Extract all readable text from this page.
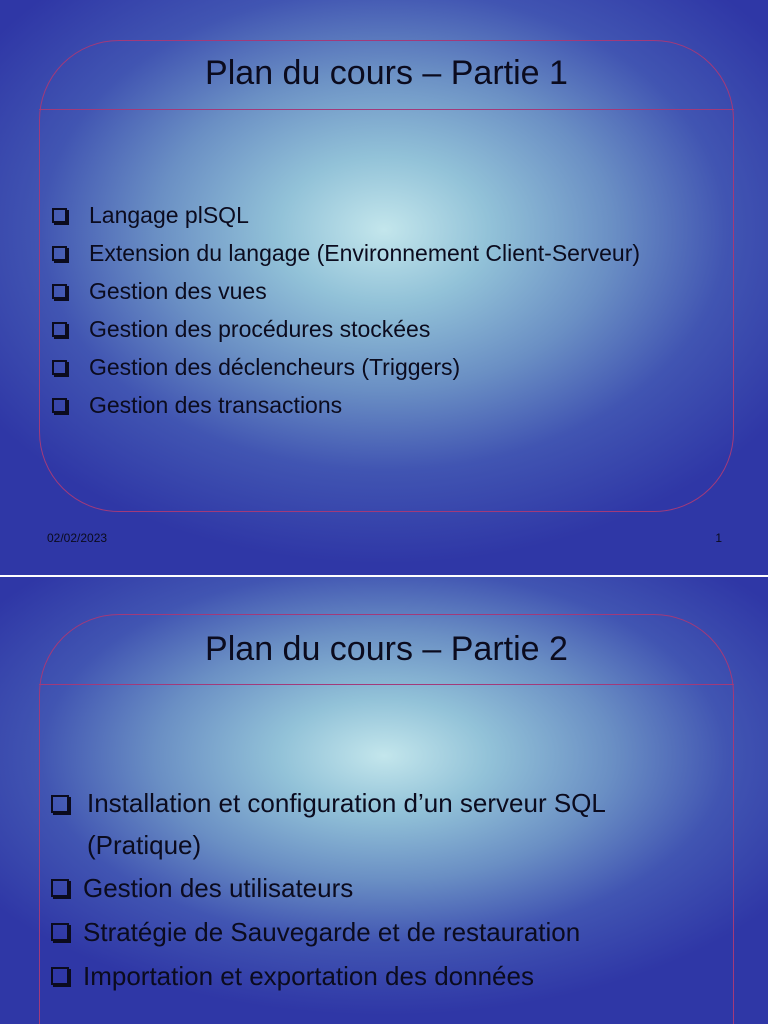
Plan du cours – Partie 1
Langage plSQL
Extension du langage (Environnement Client-Serveur)
Gestion des vues
Gestion des procédures stockées
Gestion des déclencheurs (Triggers)
Gestion des transactions
02/02/2023	1
Plan du cours – Partie 2
Installation et configuration d’un serveur SQL
(Pratique)
Gestion des utilisateurs
Stratégie de Sauvegarde et de restauration
Importation et exportation des données
